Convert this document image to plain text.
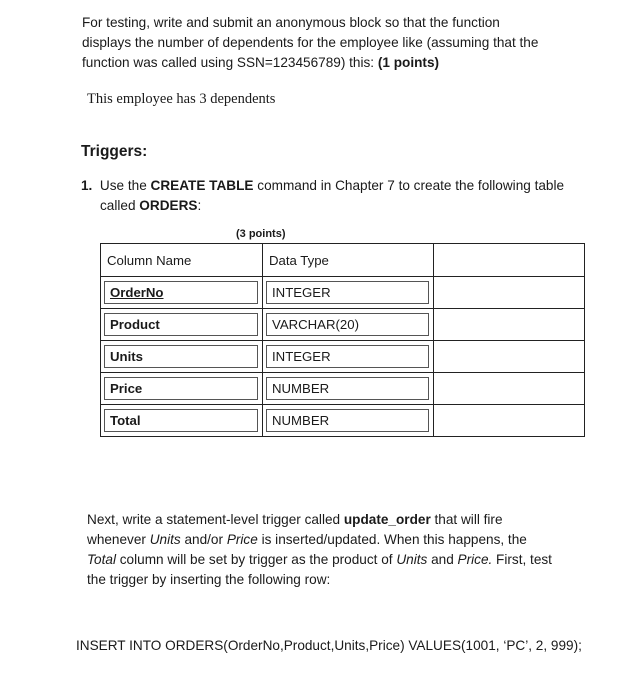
For testing, write and submit an anonymous block so that the function
displays the number of dependents for the employee like (assuming that the
function was called using SSN=123456789) this: (1 points)
This employee has 3 dependents
Triggers:
1. Use the CREATE TABLE command in Chapter 7 to create the following table
called ORDERS:
(3 points)
Column Name	Data Type	

OrderNo	INTEGER	

Product	VARCHAR(20)	

Units	INTEGER	

Price	NUMBER	

Total	NUMBER	

Next, write a statement-level trigger called update_order that will fire
whenever Units and/or Price is inserted/updated. When this happens, the
Total column will be set by trigger as the product of Units and Price. First, test
the trigger by inserting the following row:
INSERT INTO ORDERS(OrderNo,Product,Units,Price) VALUES(1001, ‘PC’, 2, 999);
